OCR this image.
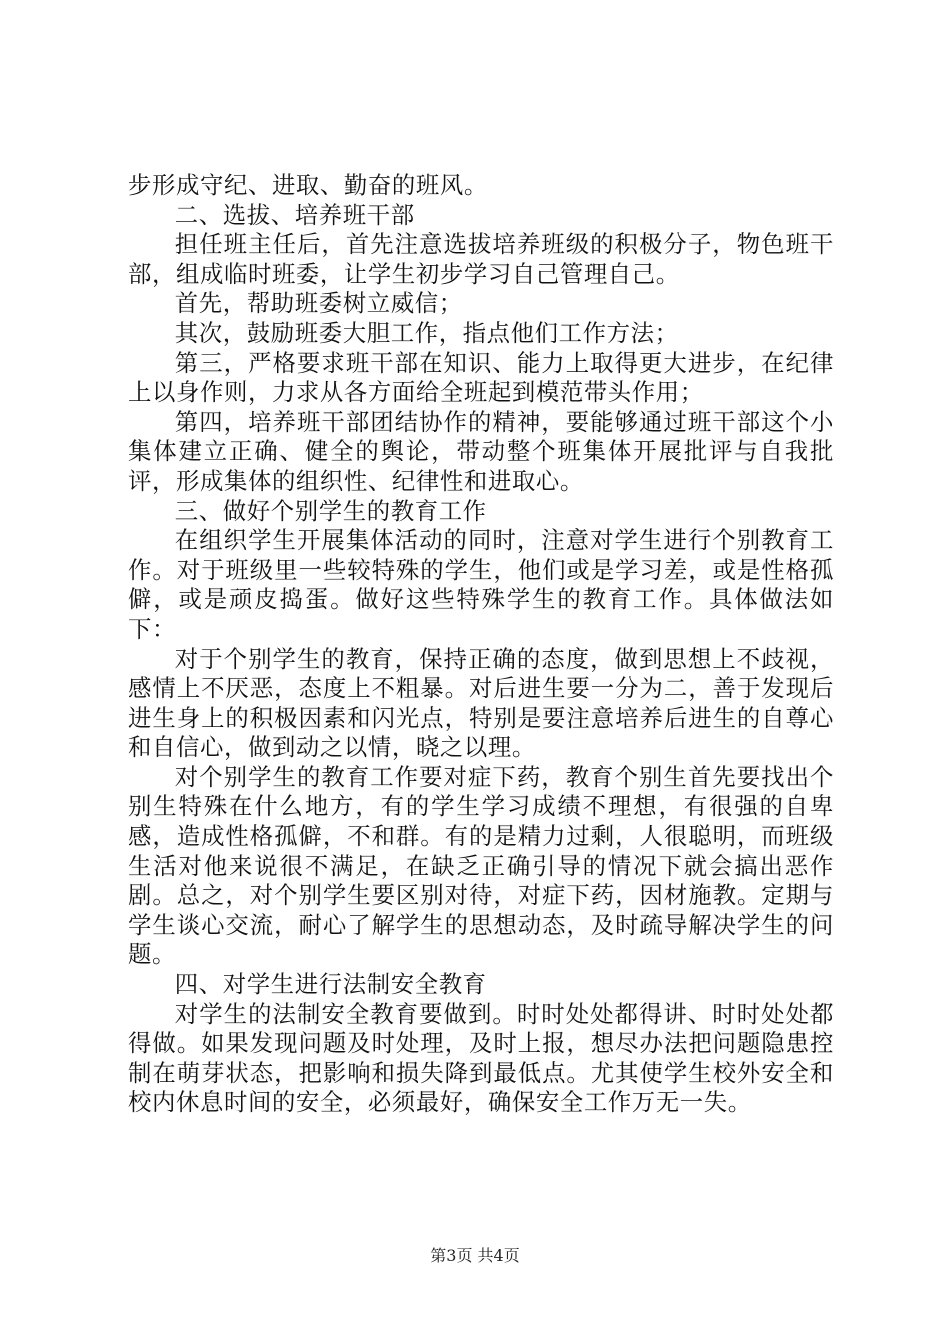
步形成守纪、进取、勤奋的班风。

二、选拔、培养班干部

担任班主任后，首先注意选拔培养班级的积极分子，物色班干部，组成临时班委，让学生初步学习自己管理自己。

首先，帮助班委树立威信；

其次，鼓励班委大胆工作，指点他们工作方法；

第三，严格要求班干部在知识、能力上取得更大进步，在纪律上以身作则，力求从各方面给全班起到模范带头作用；

第四，培养班干部团结协作的精神，要能够通过班干部这个小集体建立正确、健全的舆论，带动整个班集体开展批评与自我批评，形成集体的组织性、纪律性和进取心。

三、做好个别学生的教育工作

在组织学生开展集体活动的同时，注意对学生进行个别教育工作。对于班级里一些较特殊的学生，他们或是学习差，或是性格孤僻，或是顽皮捣蛋。做好这些特殊学生的教育工作。具体做法如下：

对于个别学生的教育，保持正确的态度，做到思想上不歧视，感情上不厌恶，态度上不粗暴。对后进生要一分为二，善于发现后进生身上的积极因素和闪光点，特别是要注意培养后进生的自尊心和自信心，做到动之以情，晓之以理。

对个别学生的教育工作要对症下药，教育个别生首先要找出个别生特殊在什么地方，有的学生学习成绩不理想，有很强的自卑感，造成性格孤僻，不和群。有的是精力过剩，人很聪明，而班级生活对他来说很不满足，在缺乏正确引导的情况下就会搞出恶作剧。总之，对个别学生要区别对待，对症下药，因材施教。定期与学生谈心交流，耐心了解学生的思想动态，及时疏导解决学生的问题。

四、对学生进行法制安全教育

对学生的法制安全教育要做到。时时处处都得讲、时时处处都得做。如果发现问题及时处理，及时上报，想尽办法把问题隐患控制在萌芽状态，把影响和损失降到最低点。尤其使学生校外安全和校内休息时间的安全，必须最好，确保安全工作万无一失。

第3页 共4页
